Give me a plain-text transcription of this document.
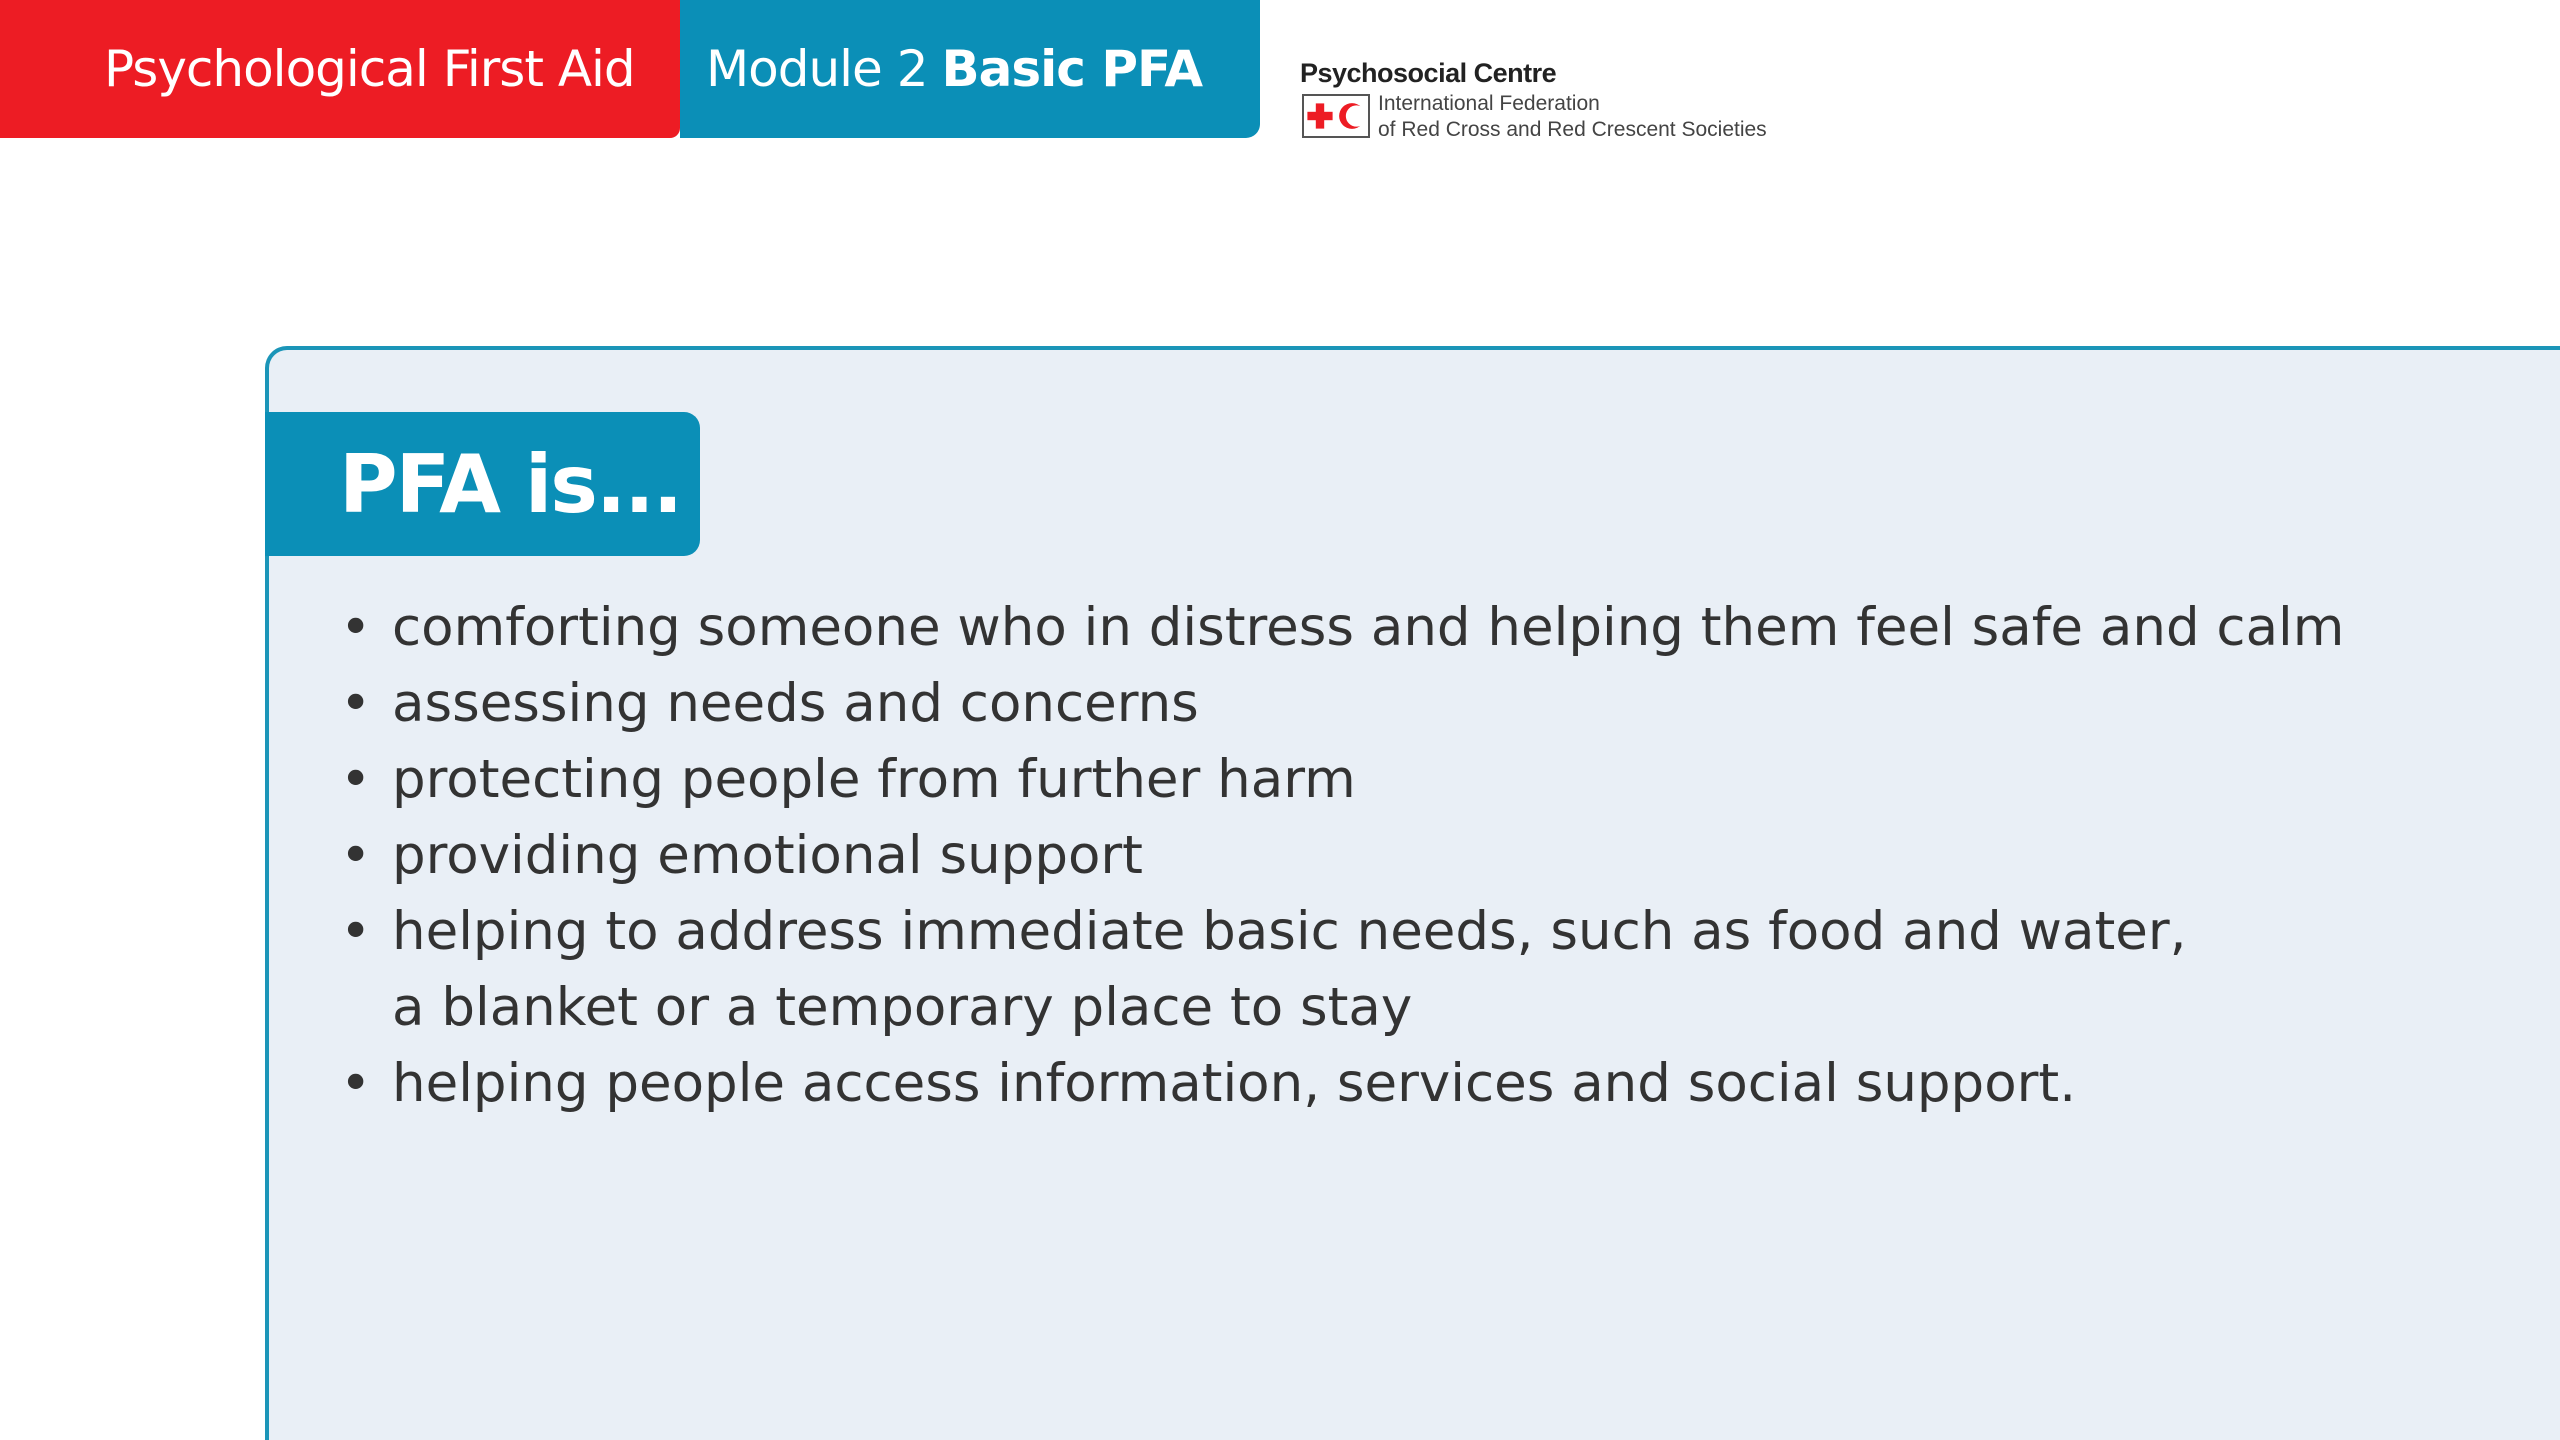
Psychological First Aid Module 2 Basic PFA	Psychosocial Centre
International Federation
of Red Cross and Red Crescent Societies
PFA is...
• comforting someone who in distress and helping them feel safe and calm
• assessing needs and concerns
• protecting people from further harm
• providing emotional support
• helping to address immediate basic needs, such as food and water,
a blanket or a temporary place to stay
• helping people access information, services and social support.
